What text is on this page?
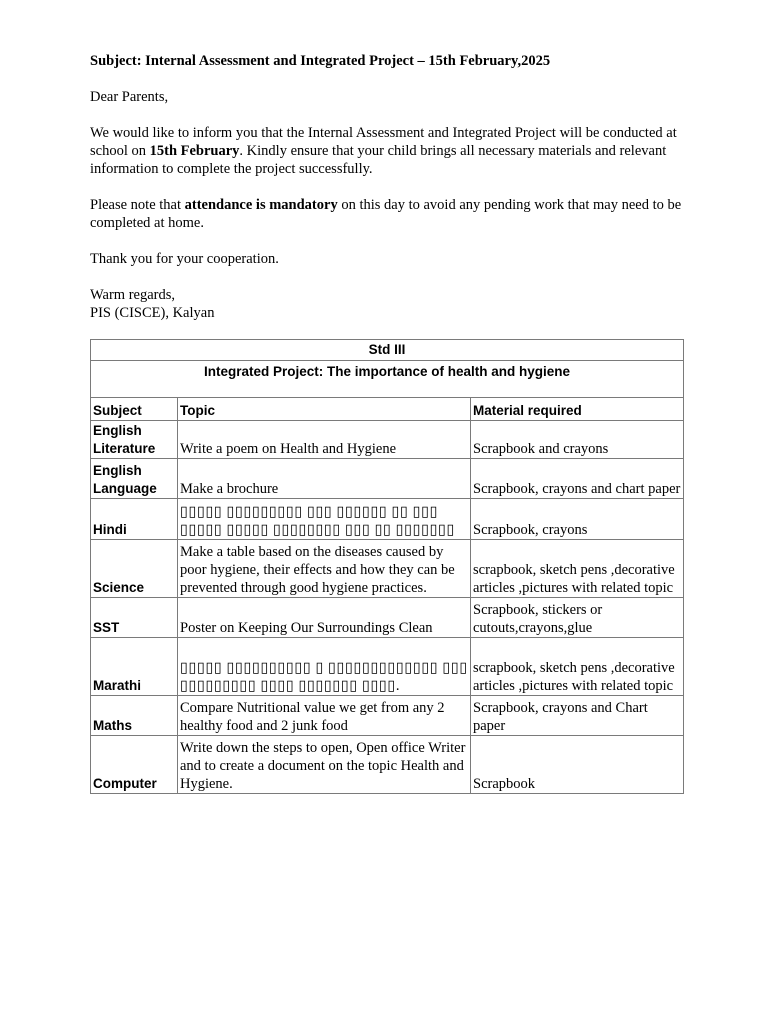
Subject: Internal Assessment and Integrated Project – 15th February,2025

Dear Parents,

We would like to inform you that the Internal Assessment and Integrated Project will be conducted at school on 15th February. Kindly ensure that your child brings all necessary materials and relevant information to complete the project successfully.

Please note that attendance is mandatory on this day to avoid any pending work that may need to be completed at home.

Thank you for your cooperation.

Warm regards,
PIS (CISCE), Kalyan
Std III		
Integrated Project: The importance of health and hygiene		
Subject	Topic	Material required
English Literature	Write a poem on Health and Hygiene	Scrapbook and crayons
English Language	Make a brochure	Scrapbook, crayons and chart paper
Hindi	▯▯▯▯▯ ▯▯▯▯▯▯▯▯▯ ▯▯▯ ▯▯▯▯▯▯ ▯▯ ▯▯▯ ▯▯▯▯▯ ▯▯▯▯▯ ▯▯▯▯▯▯▯▯ ▯▯▯ ▯▯ ▯▯▯▯▯▯▯	Scrapbook, crayons
Science	Make a table based on the diseases caused by poor hygiene, their effects and how they can be prevented through good hygiene practices.	scrapbook, sketch pens ,decorative articles ,pictures with related topic
SST	Poster on Keeping Our Surroundings Clean	Scrapbook, stickers or cutouts,crayons,glue
Marathi	▯▯▯▯▯ ▯▯▯▯▯▯▯▯▯▯ ▯ ▯▯▯▯▯▯▯▯▯▯▯▯▯ ▯▯▯ ▯▯▯▯▯▯▯▯▯ ▯▯▯▯ ▯▯▯▯▯▯▯ ▯▯▯▯.	scrapbook, sketch pens ,decorative articles ,pictures with related topic
Maths	Compare Nutritional value we get from any 2 healthy food and 2 junk food	Scrapbook, crayons and Chart paper
Computer	Write down the steps to open, Open office Writer and to create a document on the topic Health and Hygiene.	Scrapbook
